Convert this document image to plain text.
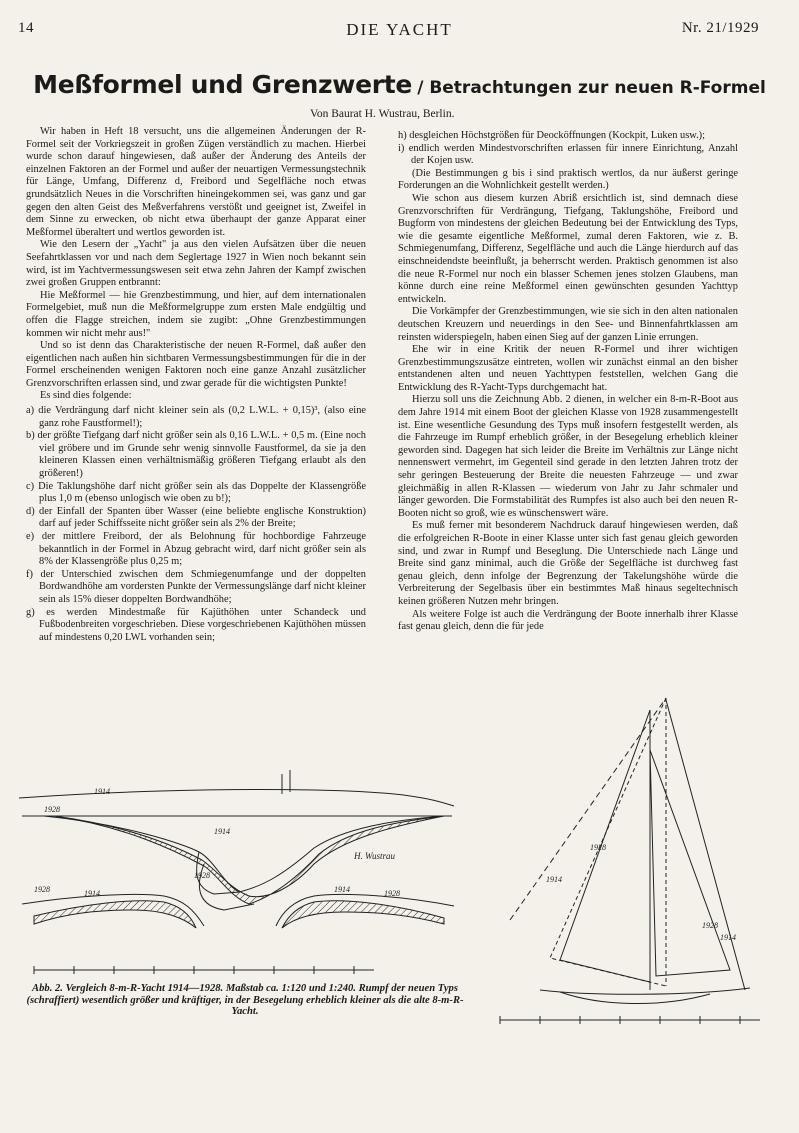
14	DIE YACHT	Nr. 21/1929
Meßformel und Grenzwerte / Betrachtungen zur neuen R-Formel
Von Baurat H. Wustrau, Berlin.

Wir haben in Heft 18 versucht, uns die allgemeinen Änderungen der R-Formel seit der Vorkriegszeit in großen Zügen verständlich zu machen. Hierbei wurde schon darauf hingewiesen, daß außer der Änderung des Anteils der einzelnen Faktoren an der Formel und außer der neuartigen Vermessungstechnik für Länge, Umfang, Differenz d, Freibord und Segelfläche noch etwas grundsätzlich Neues in die Vorschriften hineingekommen sei, was ganz und gar gegen den alten Geist des Meßverfahrens verstößt und geeignet ist, Zweifel in dem Sinne zu erwecken, ob nicht etwa überhaupt der ganze Apparat einer Meßformel überaltert und wertlos geworden ist.

Wie den Lesern der „Yacht" ja aus den vielen Aufsätzen über die neuen Seefahrtklassen vor und nach dem Seglertage 1927 in Wien noch bekannt sein wird, ist im Yachtvermessungswesen seit etwa zehn Jahren der Kampf zwischen zwei großen Gruppen entbrannt:

Hie Meßformel — hie Grenzbestimmung, und hier, auf dem internationalen Formelgebiet, muß nun die Meßformelgruppe zum ersten Male endgültig und offen die Flagge streichen, indem sie zugibt: „Ohne Grenzbestimmungen kommen wir nicht mehr aus!"

Und so ist denn das Charakteristische der neuen R-Formel, daß außer den eigentlichen nach außen hin sichtbaren Vermessungsbestimmungen für die in der Formel erscheinenden wenigen Faktoren noch eine ganze Anzahl zusätzlicher Grenzvorschriften erlassen sind, und zwar gerade für die wichtigsten Punkte!

Es sind dies folgende:

a) die Verdrängung darf nicht kleiner sein als (0,2 L.W.L. + 0,15)³, (also eine ganz rohe Faustformel!);

b) der größte Tiefgang darf nicht größer sein als 0,16 L.W.L. + 0,5 m. (Eine noch viel gröbere und im Grunde sehr wenig sinnvolle Faustformel, da sie ja den kleineren Klassen einen verhältnismäßig größeren Tiefgang erlaubt als den größeren!)

c) Die Taklungshöhe darf nicht größer sein als das Doppelte der Klassengröße plus 1,0 m (ebenso unlogisch wie oben zu b!);

d) der Einfall der Spanten über Wasser (eine beliebte englische Konstruktion) darf auf jeder Schiffsseite nicht größer sein als 2% der Breite;

e) der mittlere Freibord, der als Belohnung für hochbordige Fahrzeuge bekanntlich in der Formel in Abzug gebracht wird, darf nicht größer sein als 8% der Klassengröße plus 0,25 m;

f) der Unterschied zwischen dem Schmiegenumfange und der doppelten Bordwandhöhe am vordersten Punkte der Vermessungslänge darf nicht kleiner sein als 15% dieser doppelten Bordwandhöhe;

g) es werden Mindestmaße für Kajüthöhen unter Schandeck und Fußbodenbreiten vorgeschrieben. Diese vorgeschriebenen Kajüthöhen müssen auf mindestens 0,20 LWL vorhanden sein;

h) desgleichen Höchstgrößen für Deocköffnungen (Kockpit, Luken usw.);

i) endlich werden Mindestvorschriften erlassen für innere Einrichtung, Anzahl der Kojen usw.

(Die Bestimmungen g bis i sind praktisch wertlos, da nur äußerst geringe Forderungen an die Wohnlichkeit gestellt werden.)

Wie schon aus diesem kurzen Abriß ersichtlich ist, sind demnach diese Grenzvorschriften für Verdrängung, Tiefgang, Taklungshöhe, Freibord und Bugform von mindestens der gleichen Bedeutung bei der Entwicklung des Typs, wie die gesamte eigentliche Meßformel, zumal deren Faktoren, wie z. B. Schmiegenumfang, Differenz, Segelfläche und auch die Länge hierdurch auf das einschneidendste beeinflußt, ja beherrscht werden. Praktisch genommen ist also die neue R-Formel nur noch ein blasser Schemen jenes stolzen Glaubens, man könne durch eine reine Meßformel einen gewünschten gesunden Yachttyp entwickeln.

Die Vorkämpfer der Grenzbestimmungen, wie sie sich in den alten nationalen deutschen Kreuzern und neuerdings in den See- und Binnenfahrtklassen am reinsten widerspiegeln, haben einen Sieg auf der ganzen Linie errungen.

Ehe wir in eine Kritik der neuen R-Formel und ihrer wichtigen Grenzbestimmungszusätze eintreten, wollen wir zunächst einmal an den bisher entstandenen alten und neuen Yachttypen feststellen, welchen Gang die Entwicklung des R-Yacht-Typs durchgemacht hat.

Hierzu soll uns die Zeichnung Abb. 2 dienen, in welcher ein 8-m-R-Boot aus dem Jahre 1914 mit einem Boot der gleichen Klasse von 1928 zusammengestellt ist. Eine wesentliche Gesundung des Typs muß insofern festgestellt werden, als die Fahrzeuge im Rumpf erheblich größer, in der Besegelung erheblich kleiner geworden sind. Dagegen hat sich leider die Breite im Verhältnis zur Länge nicht nennenswert vermehrt, im Gegenteil sind gerade in den letzten Jahren trotz der sehr geringen Besteuerung der Breite die neuesten Fahrzeuge — und zwar gleichmäßig in allen R-Klassen — wiederum von Jahr zu Jahr schmaler und länger geworden. Die Formstabilität des Rumpfes ist also auch bei den neuen R-Booten nicht so groß, wie es wünschenswert wäre.

Es muß ferner mit besonderem Nachdruck darauf hingewiesen werden, daß die erfolgreichen R-Boote in einer Klasse unter sich fast genau gleich geworden sind, und zwar in Rumpf und Beseglung. Die Unterschiede nach Länge und Breite sind ganz minimal, auch die Größe der Segelfläche ist durchweg fast genau gleich, denn infolge der Begrenzung der Takelungshöhe würde die Verbreiterung der Segelbasis über ein bestimmtes Maß hinaus segeltechnisch keinen größeren Nutzen mehr bringen.

Als weitere Folge ist auch die Verdrängung der Boote innerhalb ihrer Klasse fast genau gleich, denn die für jede

1914
1928
1914
1928
1928	1914	1914	1928
H. Wustrau
1914
1928
1928
1914
Abb. 2. Vergleich 8-m-R-Yacht 1914—1928. Maßstab ca. 1:120 und 1:240. Rumpf der neuen Typs (schraffiert) wesentlich größer und kräftiger, in der Besegelung erheblich kleiner als die alte 8-m-R-Yacht.
